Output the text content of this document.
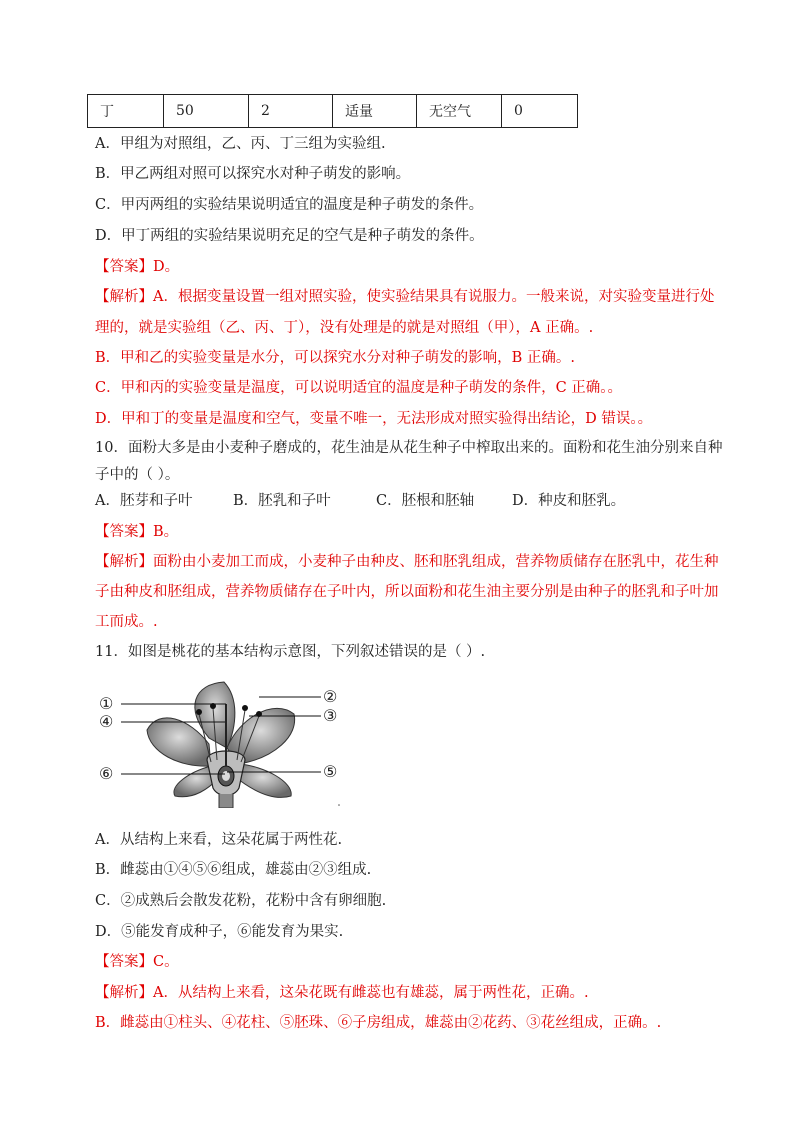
丁	50	2	适量	无空气	0

A．甲组为对照组，乙、丙、丁三组为实验组.

B．甲乙两组对照可以探究水对种子萌发的影响。

C．甲丙两组的实验结果说明适宜的温度是种子萌发的条件。

D．甲丁两组的实验结果说明充足的空气是种子萌发的条件。

【答案】D。

【解析】A．根据变量设置一组对照实验，使实验结果具有说服力。一般来说，对实验变量进行处

理的，就是实验组（乙、丙、丁），没有处理是的就是对照组（甲），A 正确。.

B．甲和乙的实验变量是水分，可以探究水分对种子萌发的影响，B 正确。.

C．甲和丙的实验变量是温度，可以说明适宜的温度是种子萌发的条件，C 正确。。

D．甲和丁的变量是温度和空气，变量不唯一，无法形成对照实验得出结论，D 错误。。

10．面粉大多是由小麦种子磨成的，花生油是从花生种子中榨取出来的。面粉和花生油分别来自种

子中的（ ）。

A．胚芽和子叶	B．胚乳和子叶	C．胚根和胚轴	D．种皮和胚乳。

【答案】B。

【解析】面粉由小麦加工而成，小麦种子由种皮、胚和胚乳组成，营养物质储存在胚乳中，花生种

子由种皮和胚组成，营养物质储存在子叶内，所以面粉和花生油主要分别是由种子的胚乳和子叶加

工而成。.

11．如图是桃花的基本结构示意图，下列叙述错误的是（ ）.

①
④
⑥
②
③
⑤

A．从结构上来看，这朵花属于两性花.

B．雌蕊由①④⑤⑥组成，雄蕊由②③组成.

C．②成熟后会散发花粉，花粉中含有卵细胞.

D．⑤能发育成种子，⑥能发育为果实.

【答案】C。

【解析】A．从结构上来看，这朵花既有雌蕊也有雄蕊，属于两性花，正确。.

B．雌蕊由①柱头、④花柱、⑤胚珠、⑥子房组成，雄蕊由②花药、③花丝组成，正确。.
